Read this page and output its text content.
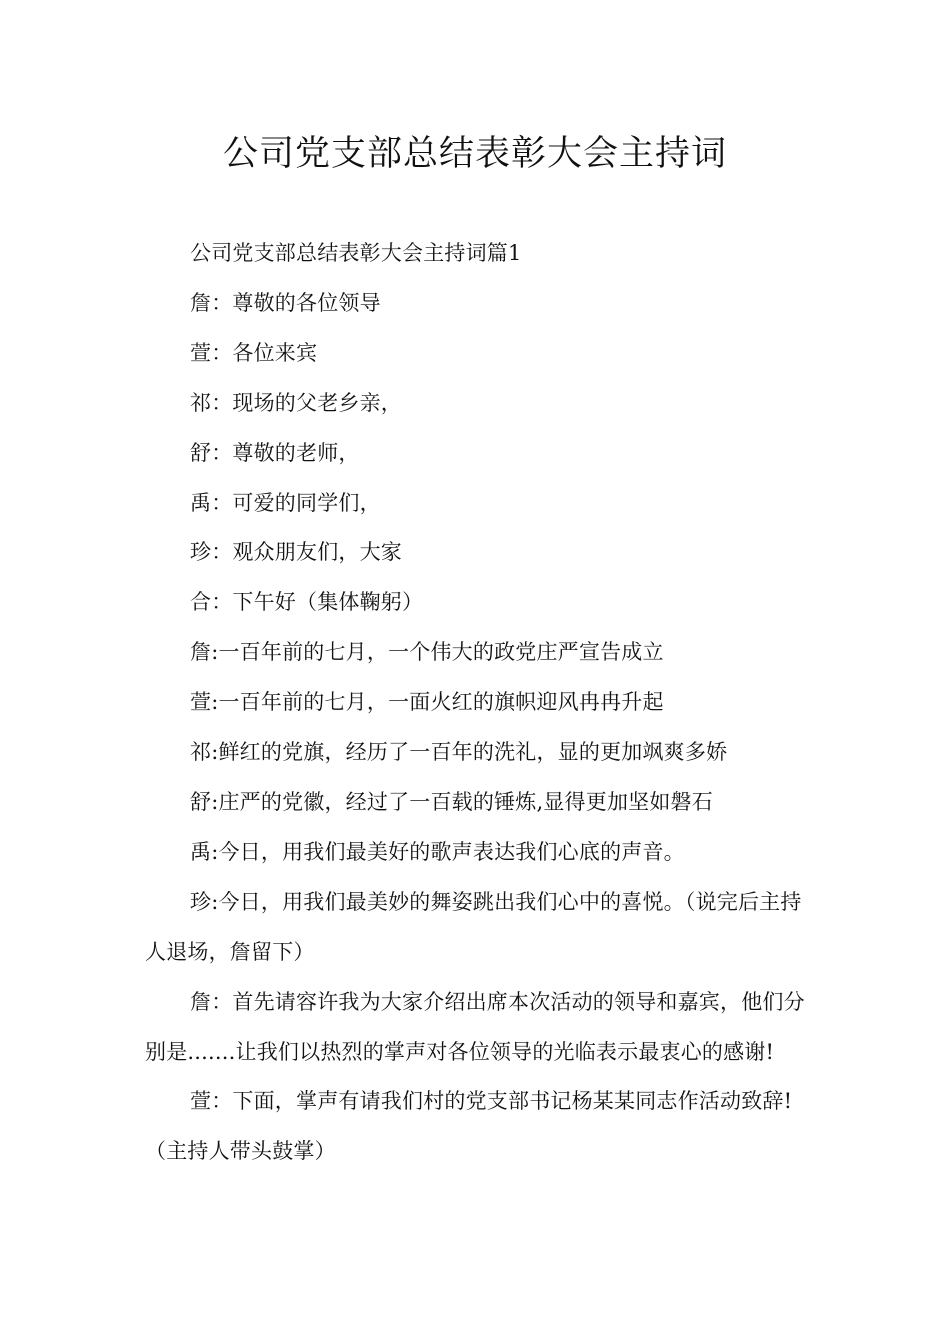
公司党支部总结表彰大会主持词

公司党支部总结表彰大会主持词篇1

詹：尊敬的各位领导

萱：各位来宾

祁：现场的父老乡亲，

舒：尊敬的老师，

禹：可爱的同学们，

珍：观众朋友们，大家

合：下午好（集体鞠躬）

詹:一百年前的七月，一个伟大的政党庄严宣告成立

萱:一百年前的七月，一面火红的旗帜迎风冉冉升起

祁:鲜红的党旗，经历了一百年的洗礼，显的更加飒爽多娇

舒:庄严的党徽，经过了一百载的锤炼,显得更加坚如磐石

禹:今日，用我们最美好的歌声表达我们心底的声音。

珍:今日，用我们最美妙的舞姿跳出我们心中的喜悦。（说完后主持人退场，詹留下）

詹：首先请容许我为大家介绍出席本次活动的领导和嘉宾，他们分别是.......让我们以热烈的掌声对各位领导的光临表示最衷心的感谢!

萱：下面，掌声有请我们村的党支部书记杨某某同志作活动致辞!（主持人带头鼓掌）
